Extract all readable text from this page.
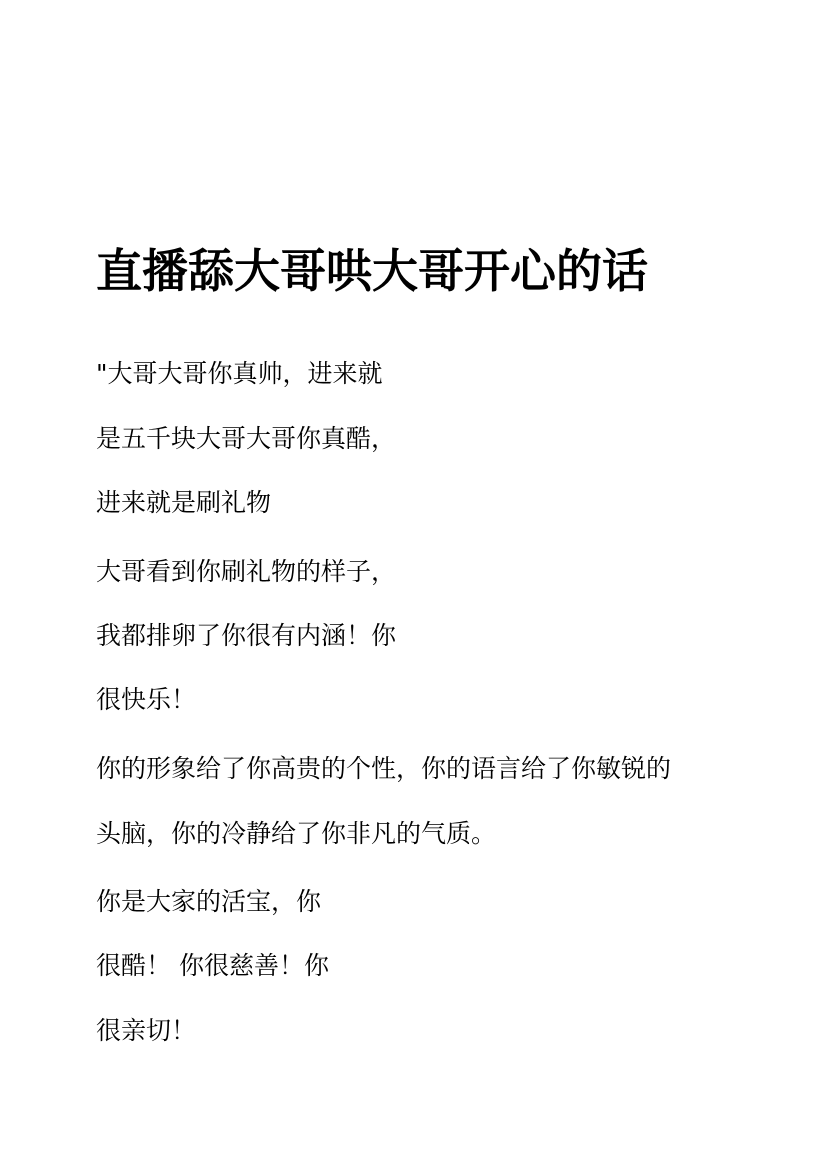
直播舔大哥哄大哥开心的话
"大哥大哥你真帅，进来就
是五千块大哥大哥你真酷，
进来就是刷礼物
大哥看到你刷礼物的样子，
我都排卵了你很有内涵！你
很快乐！
你的形象给了你高贵的个性，你的语言给了你敏锐的
头脑，你的冷静给了你非凡的气质。
你是大家的活宝，你
很酷！ 你很慈善！你
很亲切！
